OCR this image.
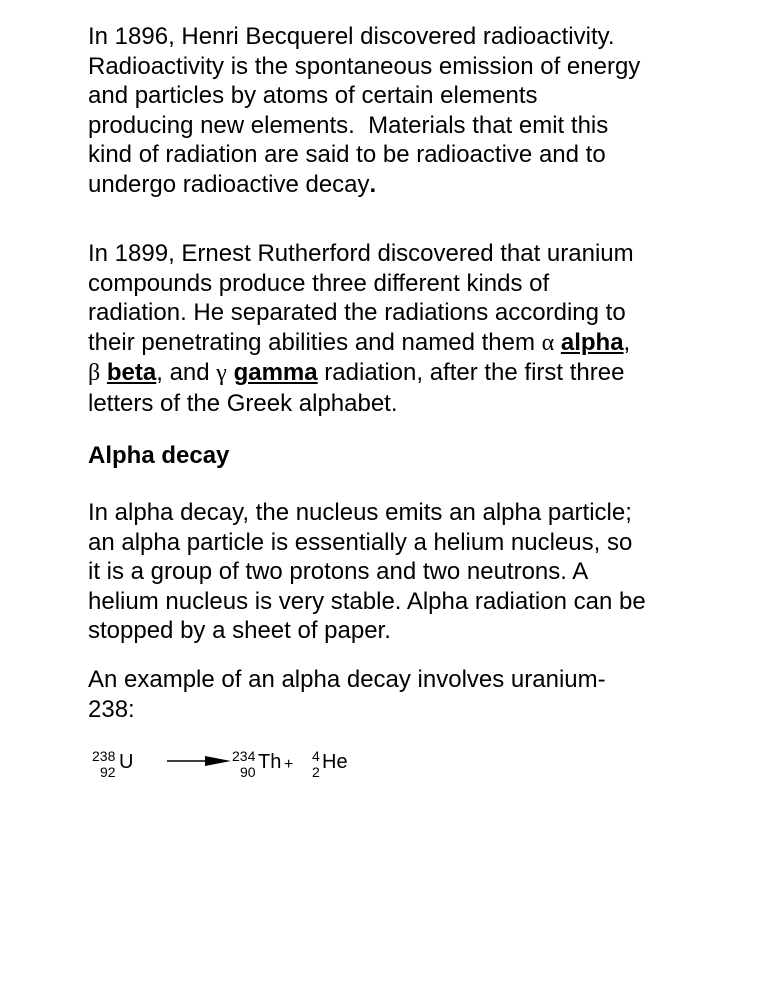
In 1896, Henri Becquerel discovered radioactivity.
Radioactivity is the spontaneous emission of energy
and particles by atoms of certain elements
producing new elements.  Materials that emit this
kind of radiation are said to be radioactive and to
undergo radioactive decay.
In 1899, Ernest Rutherford discovered that uranium
compounds produce three different kinds of
radiation. He separated the radiations according to
their penetrating abilities and named them α alpha,
β beta, and γ gamma radiation, after the first three
letters of the Greek alphabet.
Alpha decay
In alpha decay, the nucleus emits an alpha particle;
an alpha particle is essentially a helium nucleus, so
it is a group of two protons and two neutrons. A
helium nucleus is very stable. Alpha radiation can be
stopped by a sheet of paper.
An example of an alpha decay involves uranium-
238:
238
92 U → 234
90 Th + 4
2 He
